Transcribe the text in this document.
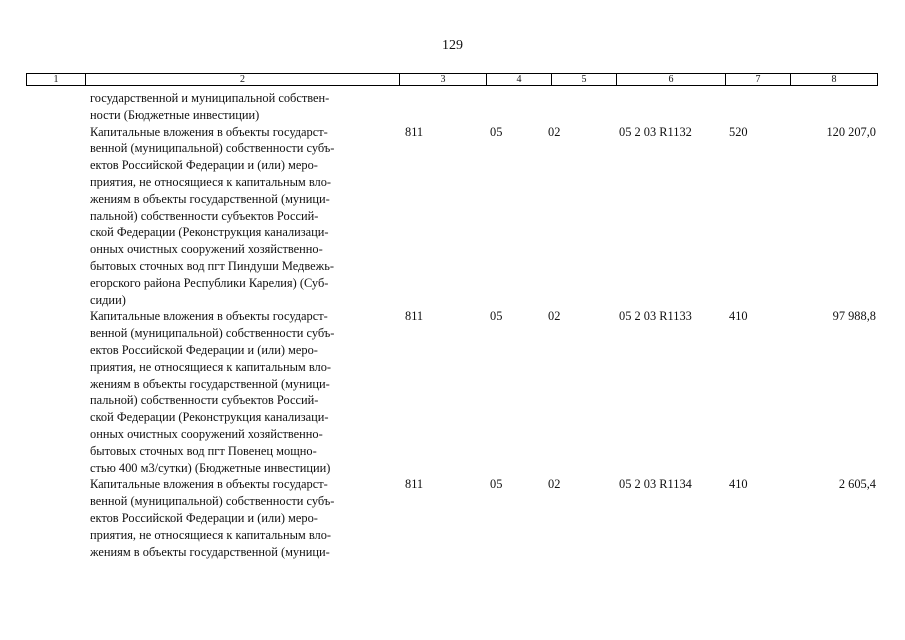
129
1	2	3	4	5	6	7	8
государственной и муниципальной собствен-
ности (Бюджетные инвестиции)
Капитальные вложения в объекты государст-
венной (муниципальной) собственности субъ-
ектов Российской Федерации и (или) меро-
приятия, не относящиеся к капитальным вло-
жениям в объекты государственной (муници-
пальной) собственности субъектов Россий-
ской Федерации (Реконструкция канализаци-
онных очистных сооружений хозяйственно-
бытовых сточных вод пгт Пиндуши Медвежь-
егорского района Республики Карелия) (Суб-
сидии)
811	05	02	05 2 03 R1132	520	120 207,0
Капитальные вложения в объекты государст-
венной (муниципальной) собственности субъ-
ектов Российской Федерации и (или) меро-
приятия, не относящиеся к капитальным вло-
жениям в объекты государственной (муници-
пальной) собственности субъектов Россий-
ской Федерации (Реконструкция канализаци-
онных очистных сооружений хозяйственно-
бытовых сточных вод пгт Повенец мощно-
стью 400 м3/сутки) (Бюджетные инвестиции)
811	05	02	05 2 03 R1133	410	97 988,8
Капитальные вложения в объекты государст-
венной (муниципальной) собственности субъ-
ектов Российской Федерации и (или) меро-
приятия, не относящиеся к капитальным вло-
жениям в объекты государственной (муници-
811	05	02	05 2 03 R1134	410	2 605,4
